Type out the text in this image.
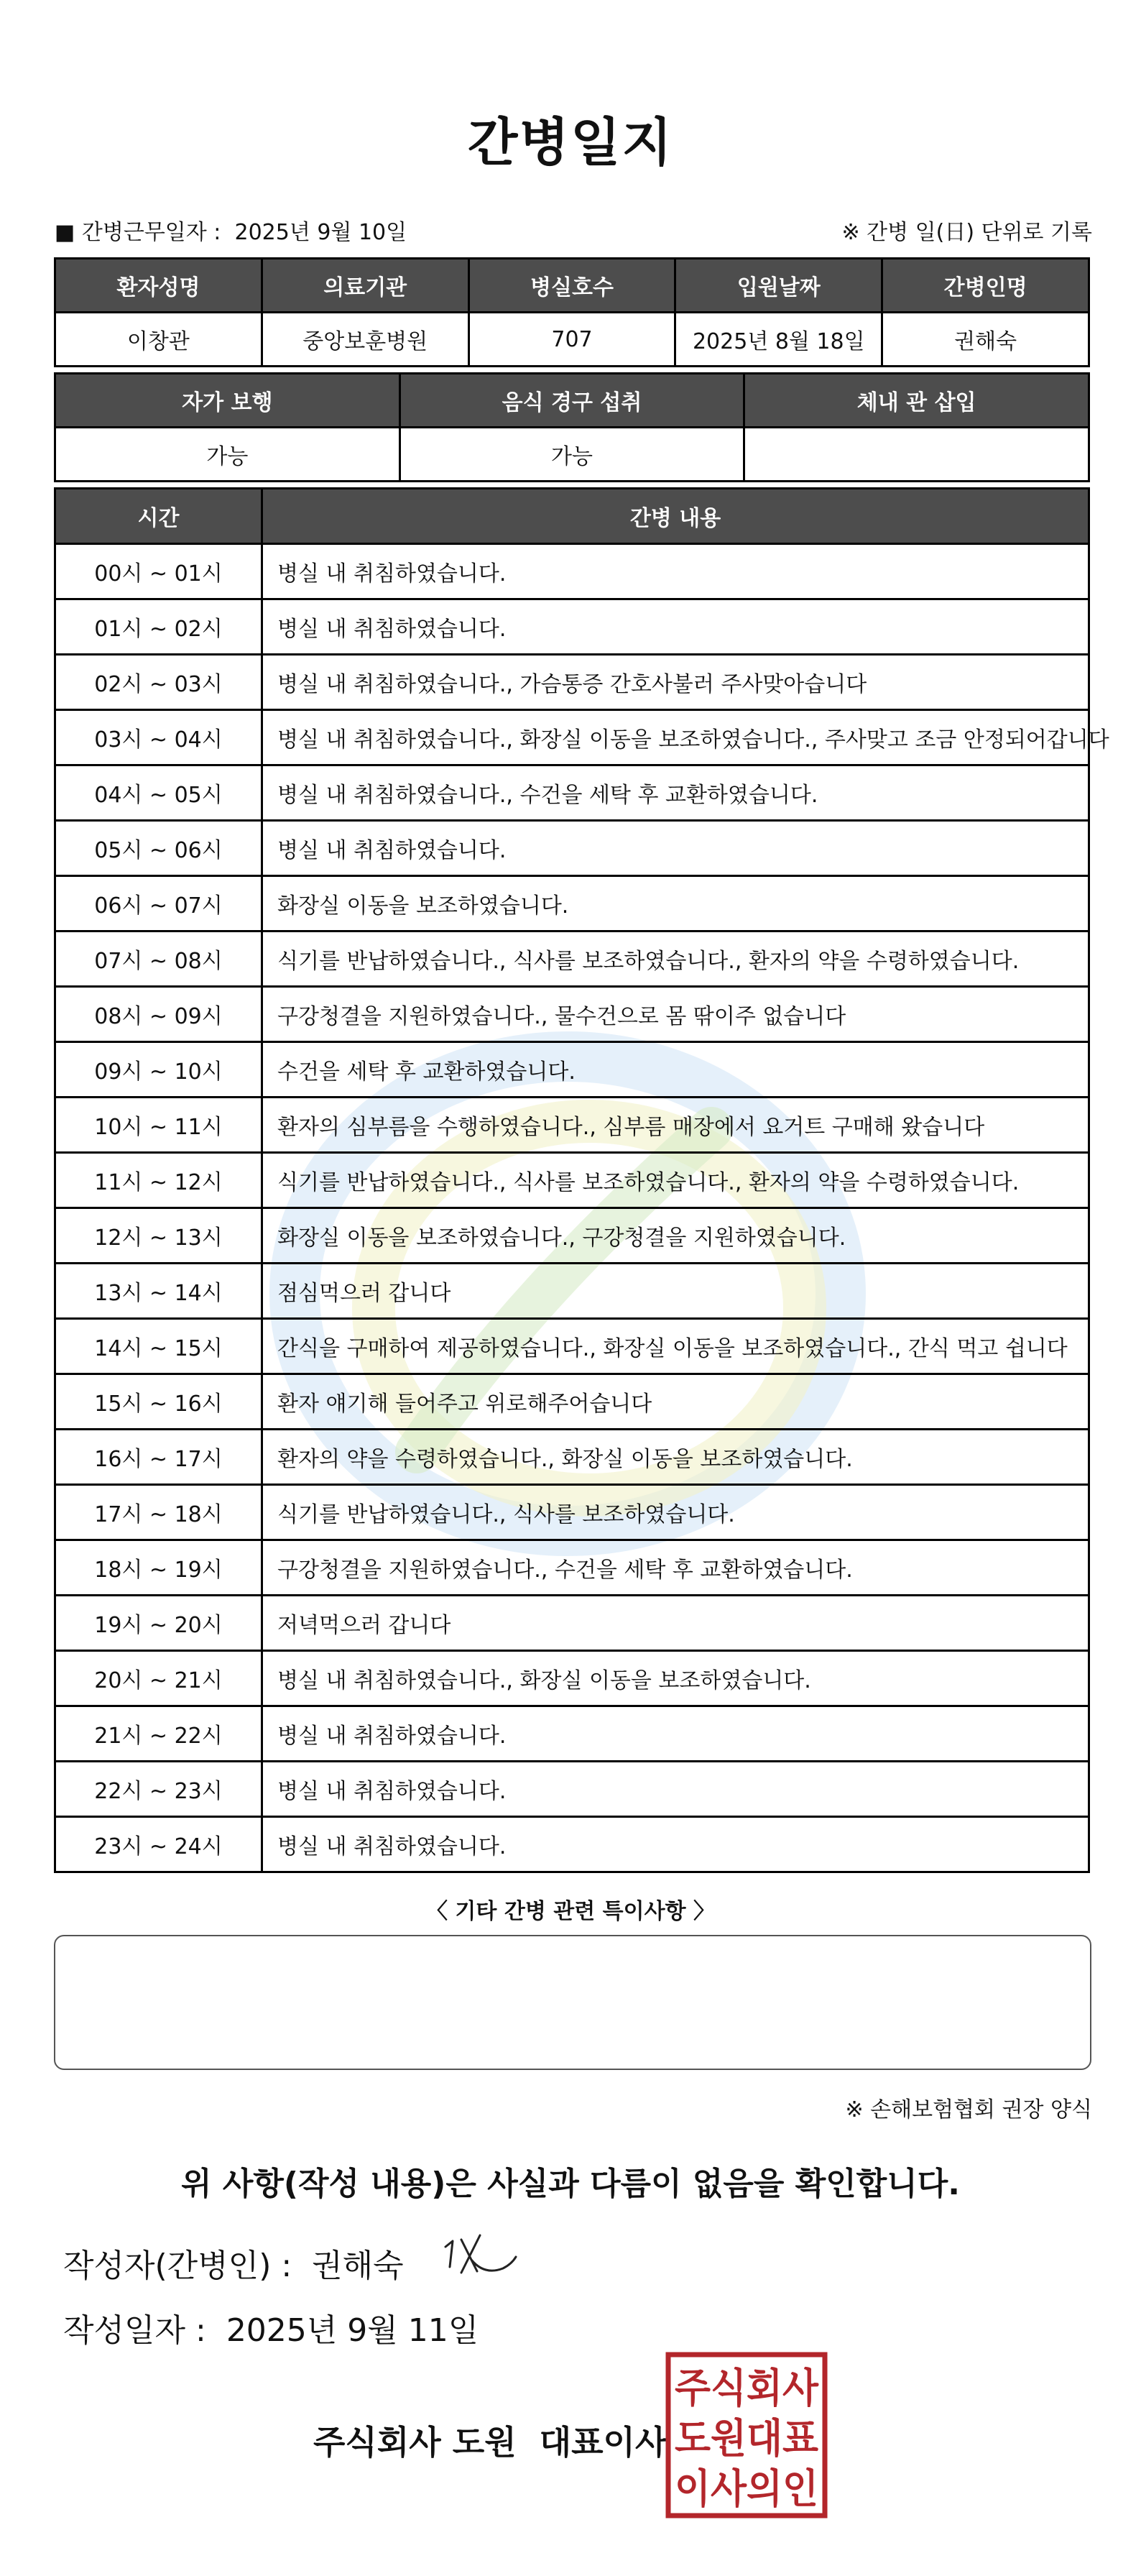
간병일지
■ 간병근무일자 : 2025년 9월 10일	※ 간병 일(日) 단위로 기록
환자성명	의료기관	병실호수	입원날짜	간병인명
이창관	중앙보훈병원	707	2025년 8월 18일	권해숙
자가 보행	음식 경구 섭취	체내 관 삽입
가능	가능	
시간	간병 내용
00시 ~ 01시	병실 내 취침하였습니다.
01시 ~ 02시	병실 내 취침하였습니다.
02시 ~ 03시	병실 내 취침하였습니다., 가슴통증 간호사불러 주사맞아습니다
03시 ~ 04시	병실 내 취침하였습니다., 화장실 이동을 보조하였습니다., 주사맞고 조금 안정되어갑니다
04시 ~ 05시	병실 내 취침하였습니다., 수건을 세탁 후 교환하였습니다.
05시 ~ 06시	병실 내 취침하였습니다.
06시 ~ 07시	화장실 이동을 보조하였습니다.
07시 ~ 08시	식기를 반납하였습니다., 식사를 보조하였습니다., 환자의 약을 수령하였습니다.
08시 ~ 09시	구강청결을 지원하였습니다., 물수건으로 몸 딲이주 없습니다
09시 ~ 10시	수건을 세탁 후 교환하였습니다.
10시 ~ 11시	환자의 심부름을 수행하였습니다., 심부름 매장에서 요거트 구매해 왔습니다
11시 ~ 12시	식기를 반납하였습니다., 식사를 보조하였습니다., 환자의 약을 수령하였습니다.
12시 ~ 13시	화장실 이동을 보조하였습니다., 구강청결을 지원하였습니다.
13시 ~ 14시	점심먹으러 갑니다
14시 ~ 15시	간식을 구매하여 제공하였습니다., 화장실 이동을 보조하였습니다., 간식 먹고 쉽니다
15시 ~ 16시	환자 얘기해 들어주고 위로해주어습니다
16시 ~ 17시	환자의 약을 수령하였습니다., 화장실 이동을 보조하였습니다.
17시 ~ 18시	식기를 반납하였습니다., 식사를 보조하였습니다.
18시 ~ 19시	구강청결을 지원하였습니다., 수건을 세탁 후 교환하였습니다.
19시 ~ 20시	저녁먹으러 갑니다
20시 ~ 21시	병실 내 취침하였습니다., 화장실 이동을 보조하였습니다.
21시 ~ 22시	병실 내 취침하였습니다.
22시 ~ 23시	병실 내 취침하였습니다.
23시 ~ 24시	병실 내 취침하였습니다.
〈 기타 간병 관련 특이사항 〉
※ 손해보험협회 권장 양식
위 사항(작성 내용)은 사실과 다름이 없음을 확인합니다.
작성자(간병인) : 권해숙
작성일자 : 2025년 9월 11일
주식회사 도원  대표이사
주식회사
도원대표
이사의인
